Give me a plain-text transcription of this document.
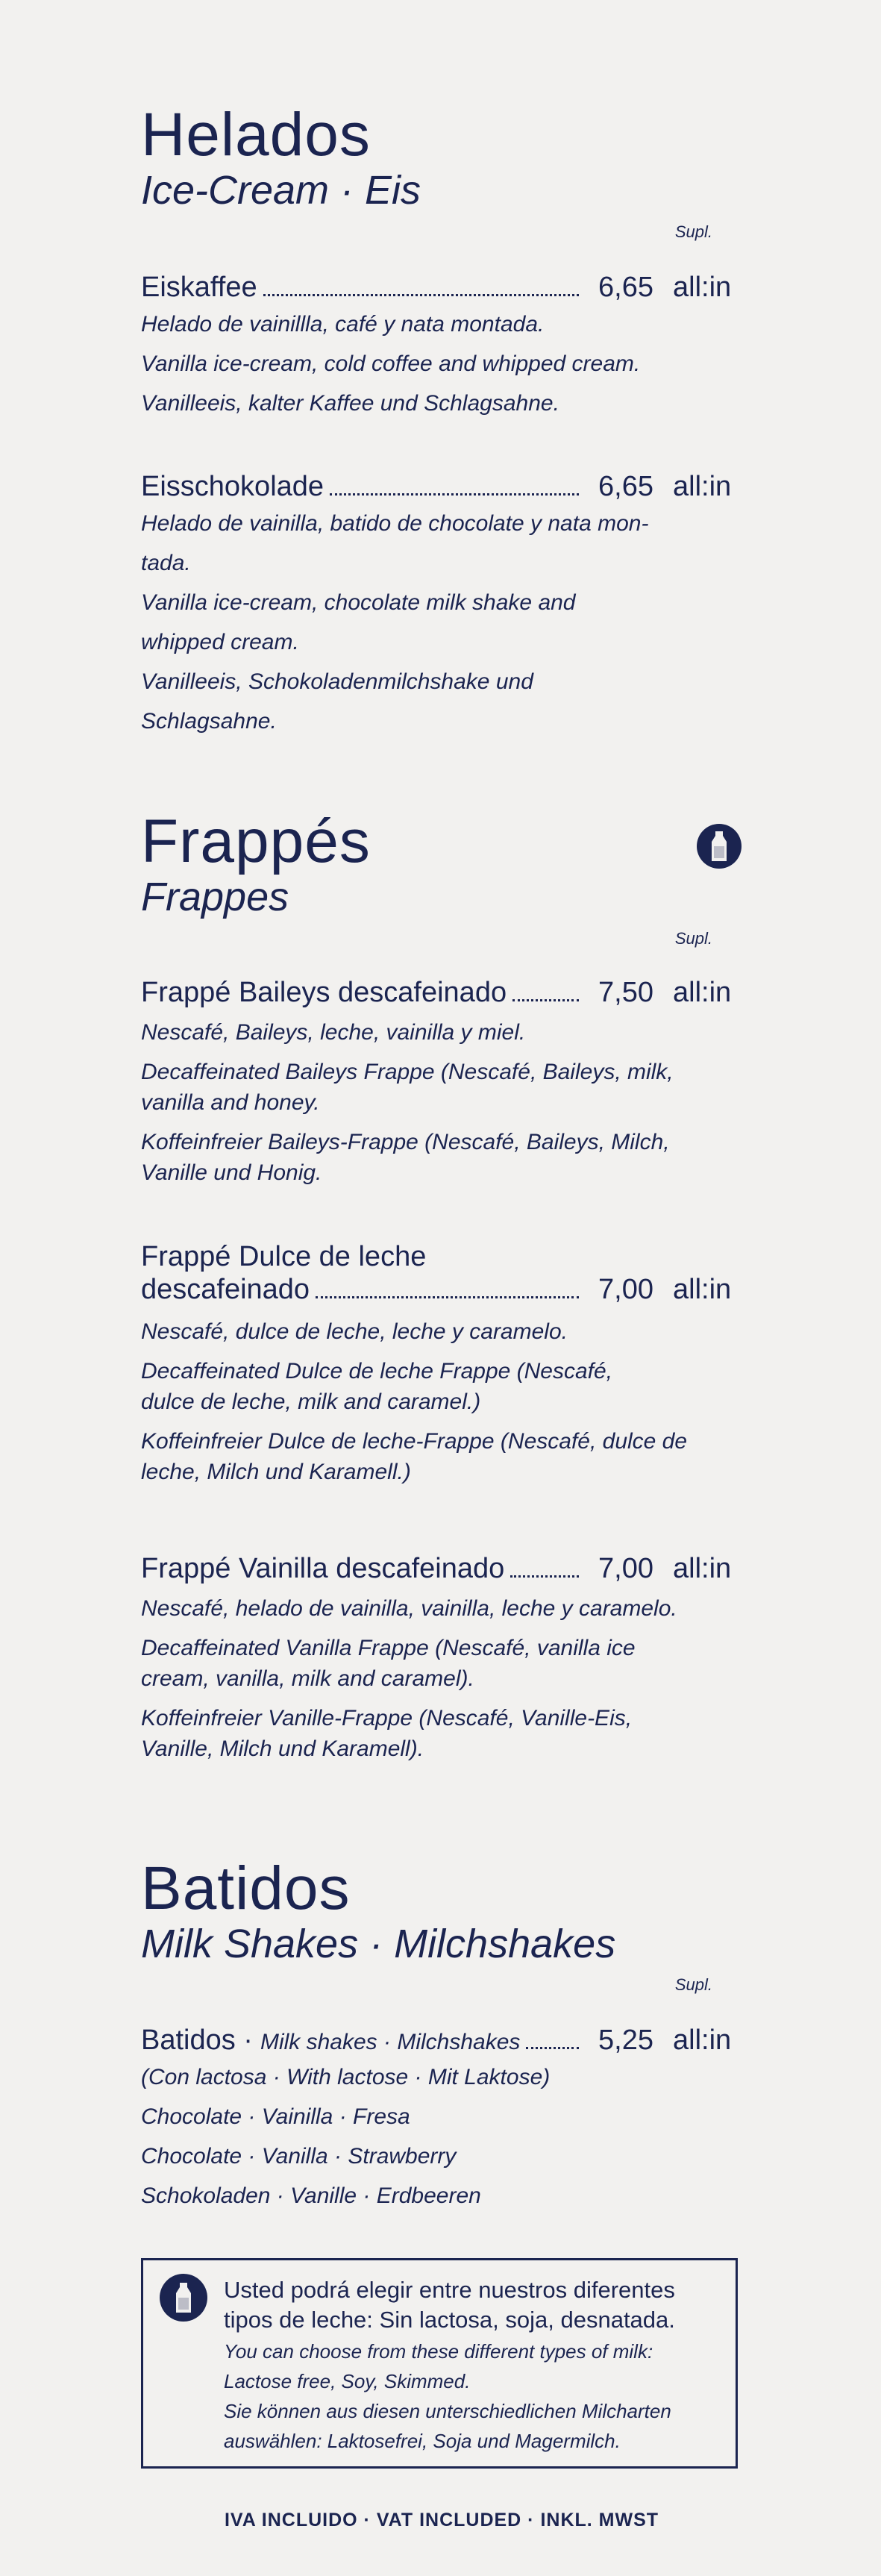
Helados
Ice-Cream · Eis
Supl.
Eiskaffee	6,65 all:in

Helado de vainillla, café y nata montada.

Vanilla ice-cream, cold coffee and whipped cream.

Vanilleeis, kalter Kaffee und Schlagsahne.

Eisschokolade	6,65 all:in

Helado de vainilla, batido de chocolate y nata mon-

tada.

Vanilla ice-cream, chocolate milk shake and

whipped cream.

Vanilleeis, Schokoladenmilchshake und

Schlagsahne.

Frappés
Frappes
Supl.
Frappé Baileys descafeinado	7,50 all:in

Nescafé, Baileys, leche, vainilla y miel.

Decaffeinated Baileys Frappe (Nescafé, Baileys, milk,

vanilla and honey.

Koffeinfreier Baileys-Frappe (Nescafé, Baileys, Milch,

Vanille und Honig.

Frappé Dulce de leche
descafeinado	7,00 all:in

Nescafé, dulce de leche, leche y caramelo.

Decaffeinated Dulce de leche Frappe (Nescafé,

dulce de leche, milk and caramel.)

Koffeinfreier Dulce de leche-Frappe (Nescafé, dulce de

leche, Milch und Karamell.)

Frappé Vainilla descafeinado	7,00 all:in

Nescafé, helado de vainilla, vainilla, leche y caramelo.

Decaffeinated Vanilla Frappe (Nescafé, vanilla ice

cream, vanilla, milk and caramel).

Koffeinfreier Vanille-Frappe (Nescafé, Vanille-Eis,

Vanille, Milch und Karamell).

Batidos
Milk Shakes · Milchshakes
Supl.
Batidos · Milk shakes · Milchshakes	5,25 all:in

(Con lactosa · With lactose · Mit Laktose)

Chocolate · Vainilla · Fresa

Chocolate · Vanilla · Strawberry

Schokoladen · Vanille · Erdbeeren

Usted podrá elegir entre nuestros diferentes tipos de leche: Sin lactosa, soja, desnatada.
You can choose from these different types of milk: Lactose free, Soy, Skimmed.
Sie können aus diesen unterschiedlichen Milcharten auswählen: Laktosefrei, Soja und Magermilch.
IVA INCLUIDO · VAT INCLUDED · INKL. MWST
